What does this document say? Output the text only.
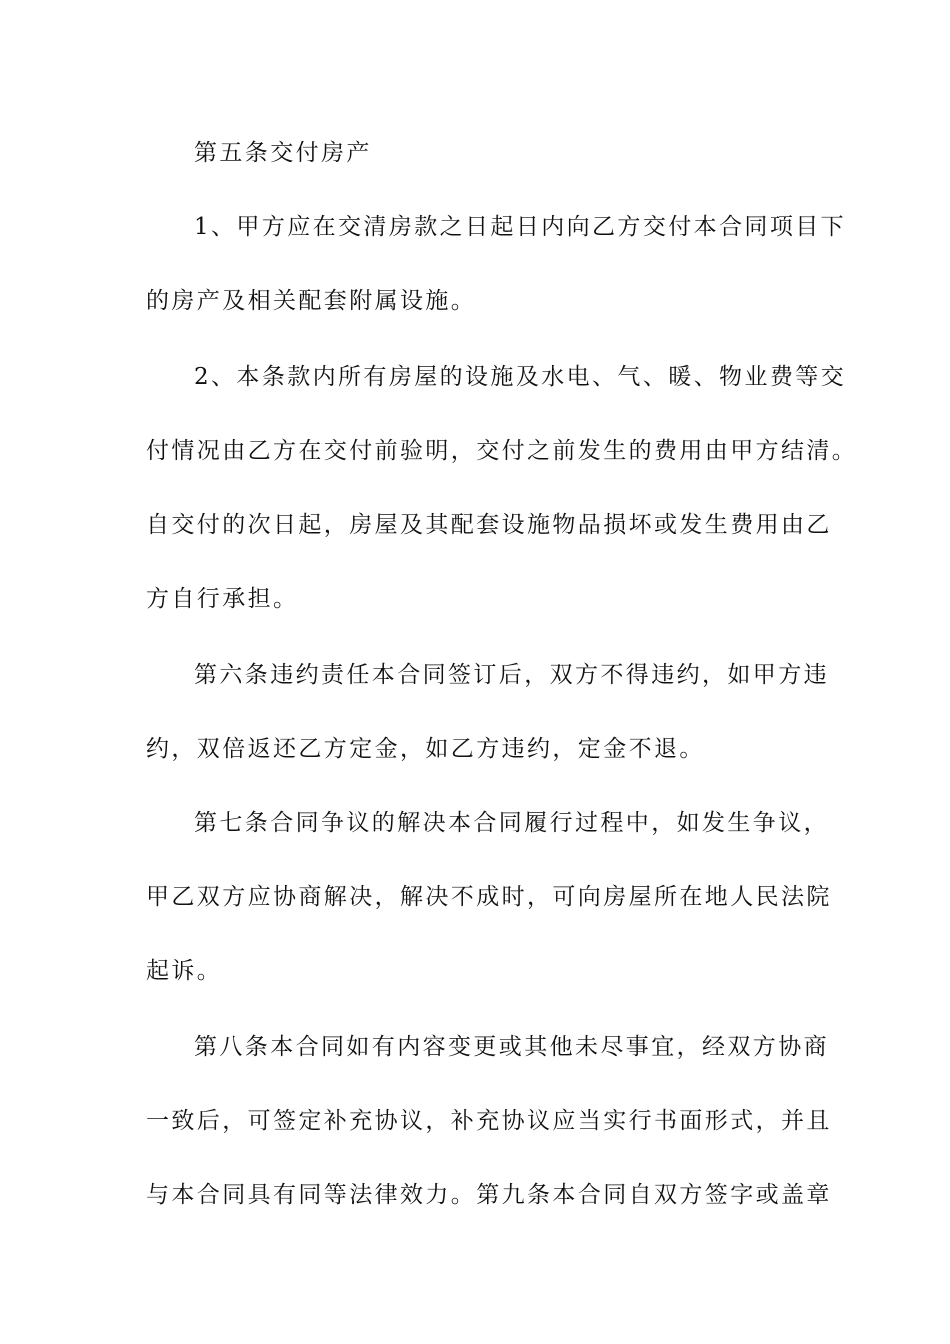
第五条交付房产
1、甲方应在交清房款之日起日内向乙方交付本合同项目下
的房产及相关配套附属设施。
2、本条款内所有房屋的设施及水电、气、暖、物业费等交
付情况由乙方在交付前验明，交付之前发生的费用由甲方结清。
自交付的次日起，房屋及其配套设施物品损坏或发生费用由乙
方自行承担。
第六条违约责任本合同签订后，双方不得违约，如甲方违
约，双倍返还乙方定金，如乙方违约，定金不退。
第七条合同争议的解决本合同履行过程中，如发生争议，
甲乙双方应协商解决，解决不成时，可向房屋所在地人民法院
起诉。
第八条本合同如有内容变更或其他未尽事宜，经双方协商
一致后，可签定补充协议，补充协议应当实行书面形式，并且
与本合同具有同等法律效力。第九条本合同自双方签字或盖章
